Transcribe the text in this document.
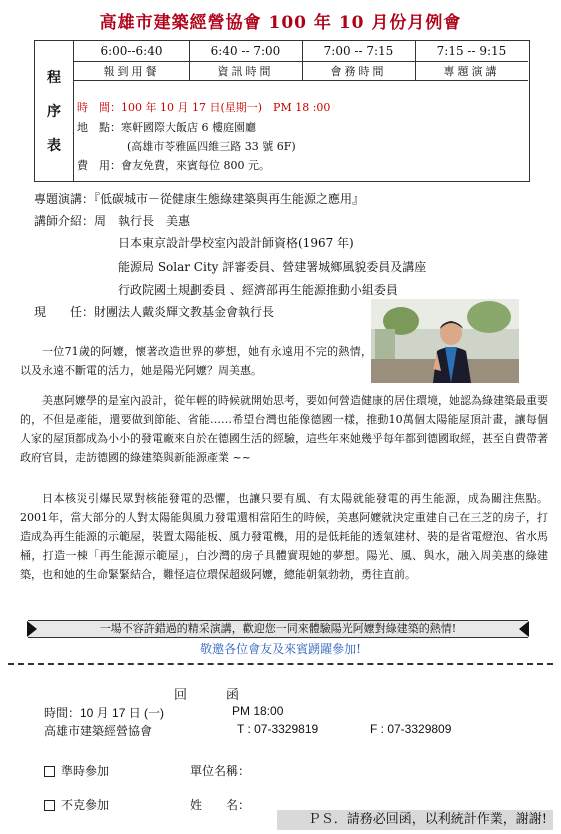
高雄市建築經營協會 100 年 10 月份月例會
程
序
表
6:00--6:40	6:40 -- 7:00	7:00 -- 7:15	7:15 -- 9:15
報到用餐	資訊時間	會務時間	專題演講
時　間：100 年 10 月 17 日(星期一)　PM 18 :00
地　點：寒軒國際大飯店 6 樓庭園廳
(高雄市苓雅區四維三路 33 號 6F)
費　用：會友免費，來賓每位 800 元。
專題演講：『低碳城市－從健康生態綠建築與再生能源之應用』
講師介紹：周　執行長　美惠
日本東京設計學校室內設計師資格(1967 年)
能源局 Solar City 評審委員、營建署城鄉風貌委員及講座
行政院國土規劃委員 、經濟部再生能源推動小組委員
現　　任：財團法人戴炎輝文教基金會執行長
一位71歲的阿嬤，懷著改造世界的夢想，她有永遠用不完的熱情，以及永遠不斷電的活力，她是陽光阿嬤？周美惠。
美惠阿嬤學的是室內設計，從年輕的時候就開始思考，要如何營造健康的居住環境，她認為綠建築最重要的，不但是產能，還要做到節能、省能……希望台灣也能像德國一樣，推動10萬個太陽能屋頂計畫，讓每個人家的屋頂都成為小小的發電廠來自於在德國生活的經驗，這些年來她幾乎每年都到德國取經，甚至自費帶著政府官員，走訪德國的綠建築與新能源產業 ~~
日本核災引爆民眾對核能發電的恐懼，也讓只要有風、有太陽就能發電的再生能源，成為關注焦點。2001年，當大部分的人對太陽能與風力發電還相當陌生的時候，美惠阿嬤就決定重建自己在三芝的房子，打造成為再生能源的示範屋，裝置太陽能板、風力發電機，用的是低耗能的透氣建材、裝的是省電燈泡、省水馬桶，打造一棟「再生能源示範屋」，白沙灣的房子具體實現她的夢想。陽光、風、與水，融入周美惠的綠建築，也和她的生命緊緊結合，難怪這位環保超級阿嬤，總能朝氣勃勃，勇往直前。
一場不容許錯過的精采演講，歡迎您一同來體驗陽光阿嬤對綠建築的熱情!
敬邀各位會友及來賓踴躍參加!
回　　　函
時間：10 月 17 日 (一)	PM 18:00
高雄市建築經營協會	T : 07-3329819	F : 07-3329809
準時參加	單位名稱：
不克參加	姓　　名：
ＰＳ．請務必回函，以利統計作業，謝謝!
